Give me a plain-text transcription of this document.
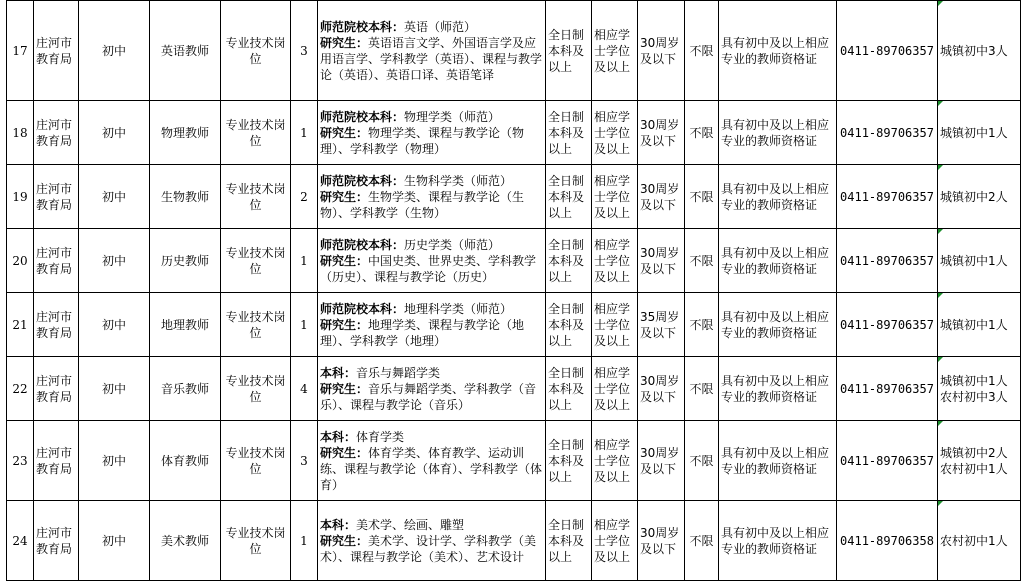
17	庄河市教育局	初中	英语教师	专业技术岗位	3	师范院校本科：英语（师范）
研究生：英语语言文学、外国语言学及应用语言学、学科教学（英语）、课程与教学论（英语）、英语口译、英语笔译	全日制本科及以上	相应学士学位及以上	30周岁及以下	不限	具有初中及以上相应专业的教师资格证	0411-89706357	城镇初中3人

18	庄河市教育局	初中	物理教师	专业技术岗位	1	师范院校本科：物理学类（师范）
研究生：物理学类、课程与教学论（物理）、学科教学（物理）	全日制本科及以上	相应学士学位及以上	30周岁及以下	不限	具有初中及以上相应专业的教师资格证	0411-89706357	城镇初中1人

19	庄河市教育局	初中	生物教师	专业技术岗位	2	师范院校本科：生物科学类（师范）
研究生：生物学类、课程与教学论（生物）、学科教学（生物）	全日制本科及以上	相应学士学位及以上	30周岁及以下	不限	具有初中及以上相应专业的教师资格证	0411-89706357	城镇初中2人

20	庄河市教育局	初中	历史教师	专业技术岗位	1	师范院校本科：历史学类（师范）
研究生：中国史类、世界史类、学科教学（历史）、课程与教学论（历史）	全日制本科及以上	相应学士学位及以上	30周岁及以下	不限	具有初中及以上相应专业的教师资格证	0411-89706357	城镇初中1人

21	庄河市教育局	初中	地理教师	专业技术岗位	1	师范院校本科：地理科学类（师范）
研究生：地理学类、课程与教学论（地理）、学科教学（地理）	全日制本科及以上	相应学士学位及以上	35周岁及以下	不限	具有初中及以上相应专业的教师资格证	0411-89706357	城镇初中1人

22	庄河市教育局	初中	音乐教师	专业技术岗位	4	本科：音乐与舞蹈学类
研究生：音乐与舞蹈学类、学科教学（音乐）、课程与教学论（音乐）	全日制本科及以上	相应学士学位及以上	30周岁及以下	不限	具有初中及以上相应专业的教师资格证	0411-89706357	城镇初中1人农村初中3人

23	庄河市教育局	初中	体育教师	专业技术岗位	3	本科：体育学类
研究生：体育学类、体育教学、运动训练、课程与教学论（体育）、学科教学（体育）	全日制本科及以上	相应学士学位及以上	30周岁及以下	不限	具有初中及以上相应专业的教师资格证	0411-89706357	城镇初中2人农村初中1人

24	庄河市教育局	初中	美术教师	专业技术岗位	1	本科：美术学、绘画、雕塑
研究生：美术学、设计学、学科教学（美术）、课程与教学论（美术）、艺术设计	全日制本科及以上	相应学士学位及以上	30周岁及以下	不限	具有初中及以上相应专业的教师资格证	0411-89706358	农村初中1人
